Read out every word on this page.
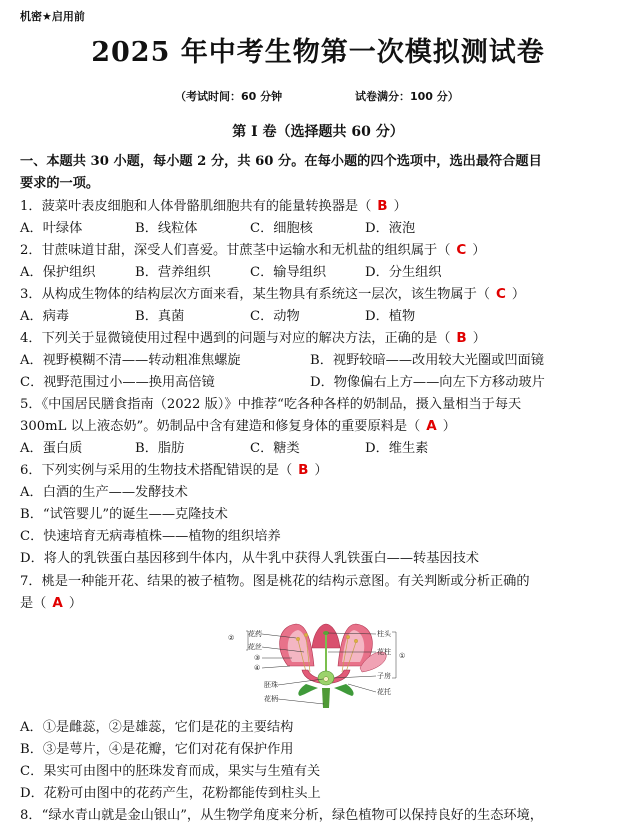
机密★启用前
2025 年中考生物第一次模拟测试卷
（考试时间：60 分钟	试卷满分：100 分）
第 I 卷（选择题共 60 分）
一、本题共 30 小题，每小题 2 分，共 60 分。在每小题的四个选项中，选出最符合题目
要求的一项。
1．菠菜叶表皮细胞和人体骨骼肌细胞共有的能量转换器是（ B ）
A．叶绿体	B．线粒体	C．细胞核	D．液泡
2．甘蔗味道甘甜，深受人们喜爱。甘蔗茎中运输水和无机盐的组织属于（ C ）
A．保护组织	B．营养组织	C．输导组织	D．分生组织
3．从构成生物体的结构层次方面来看，某生物具有系统这一层次，该生物属于（ C ）
A．病毒	B．真菌	C．动物	D．植物
4．下列关于显微镜使用过程中遇到的问题与对应的解决方法，正确的是（ B ）
A．视野模糊不清——转动粗准焦螺旋	B．视野较暗——改用较大光圈或凹面镜
C．视野范围过小——换用高倍镜	D．物像偏右上方——向左下方移动玻片
5．《中国居民膳食指南（2022 版）》中推荐“吃各种各样的奶制品，摄入量相当于每天
300mL 以上液态奶”。奶制品中含有建造和修复身体的重要原料是（ A ）
A．蛋白质	B．脂肪	C．糖类	D．维生素
6．下列实例与采用的生物技术搭配错误的是（ B ）
A．白酒的生产——发酵技术
B．“试管婴儿”的诞生——克隆技术
C．快速培育无病毒植株——植物的组织培养
D．将人的乳铁蛋白基因移到牛体内，从牛乳中获得人乳铁蛋白——转基因技术
7．桃是一种能开花、结果的被子植物。图是桃花的结构示意图。有关判断或分析正确的
是（ A ）
② 花药
花丝
③
④
胚珠
花柄
柱头
花柱 ①
子房
花托
A．①是雌蕊，②是雄蕊，它们是花的主要结构
B．③是萼片，④是花瓣，它们对花有保护作用
C．果实可由图中的胚珠发育而成，果实与生殖有关
D．花粉可由图中的花药产生，花粉都能传到柱头上
8．“绿水青山就是金山银山”，从生物学角度来分析，绿色植物可以保持良好的生态环境，
